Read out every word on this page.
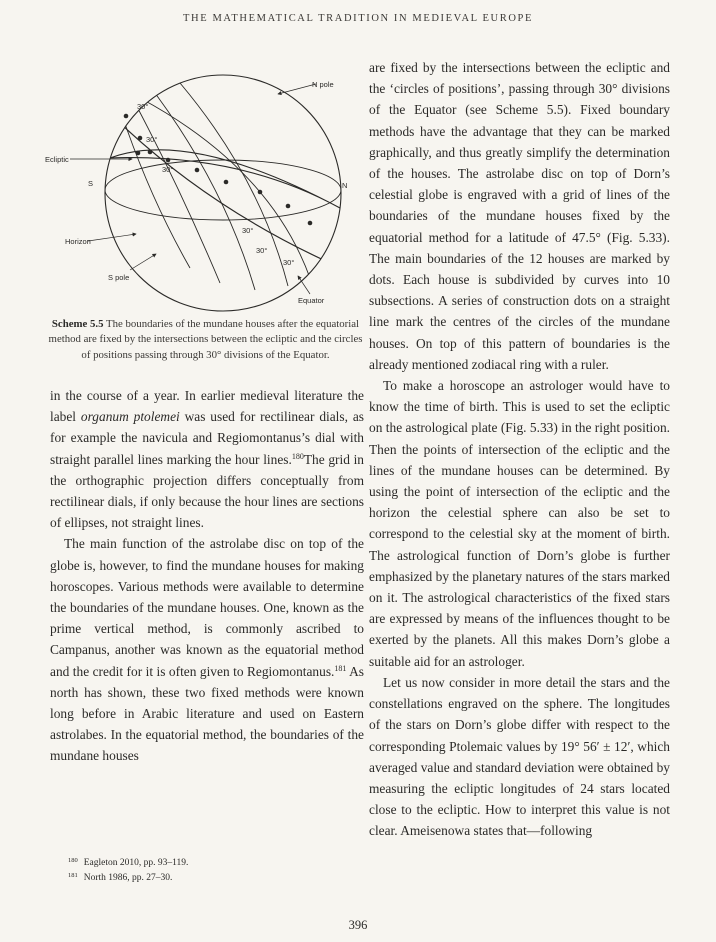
THE MATHEMATICAL TRADITION IN MEDIEVAL EUROPE
N pole
Ecliptic
S	N
Horizon
S pole
Equator
30°
30°
30°
30°
30°
30°
Scheme 5.5 The boundaries of the mundane houses after the equatorial method are fixed by the intersections between the ecliptic and the circles of positions passing through 30° divisions of the Equator.

in the course of a year. In earlier medieval literature the label organum ptolemei was used for rectilinear dials, as for example the navicula and Regiomontanus’s dial with straight parallel lines marking the hour lines.$^{180}$The grid in the orthographic projection differs conceptually from rectilinear dials, if only because the hour lines are sections of ellipses, not straight lines.

The main function of the astrolabe disc on top of the globe is, however, to find the mundane houses for making horoscopes. Various methods were available to determine the boundaries of the mundane houses. One, known as the prime vertical method, is commonly ascribed to Campanus, another was known as the equatorial method and the credit for it is often given to Regiomontanus.$^{181}$ As north has shown, these two fixed methods were known long before in Arabic literature and used on Eastern astrolabes. In the equatorial method, the boundaries of the mundane houses

are fixed by the intersections between the ecliptic and the ‘circles of positions’, passing through 30° divisions of the Equator (see Scheme 5.5). Fixed boundary methods have the advantage that they can be marked graphically, and thus greatly simplify the determination of the houses. The astrolabe disc on top of Dorn’s celestial globe is engraved with a grid of lines of the boundaries of the mundane houses fixed by the equatorial method for a latitude of 47.5° (Fig. 5.33). The main boundaries of the 12 houses are marked by dots. Each house is subdivided by curves into 10 subsections. A series of construction dots on a straight line mark the centres of the circles of the mundane houses. On top of this pattern of boundaries is the already mentioned zodiacal ring with a ruler.

To make a horoscope an astrologer would have to know the time of birth. This is used to set the ecliptic on the astrological plate (Fig. 5.33) in the right position. Then the points of intersection of the ecliptic and the lines of the mundane houses can be determined. By using the point of intersection of the ecliptic and the horizon the celestial sphere can also be set to correspond to the celestial sky at the moment of birth. The astrological function of Dorn’s globe is further emphasized by the planetary natures of the stars marked on it. The astrological characteristics of the fixed stars are expressed by means of the influences thought to be exerted by the planets. All this makes Dorn’s globe a suitable aid for an astrologer.

Let us now consider in more detail the stars and the constellations engraved on the sphere. The longitudes of the stars on Dorn’s globe differ with respect to the corresponding Ptolemaic values by 19° 56′ ± 12′, which averaged value and standard deviation were obtained by measuring the ecliptic longitudes of 24 stars located close to the ecliptic. How to interpret this value is not clear. Ameisenowa states that—following

$^{180}$ Eagleton 2010, pp. 93–119.

$^{181}$ North 1986, pp. 27–30.

396
